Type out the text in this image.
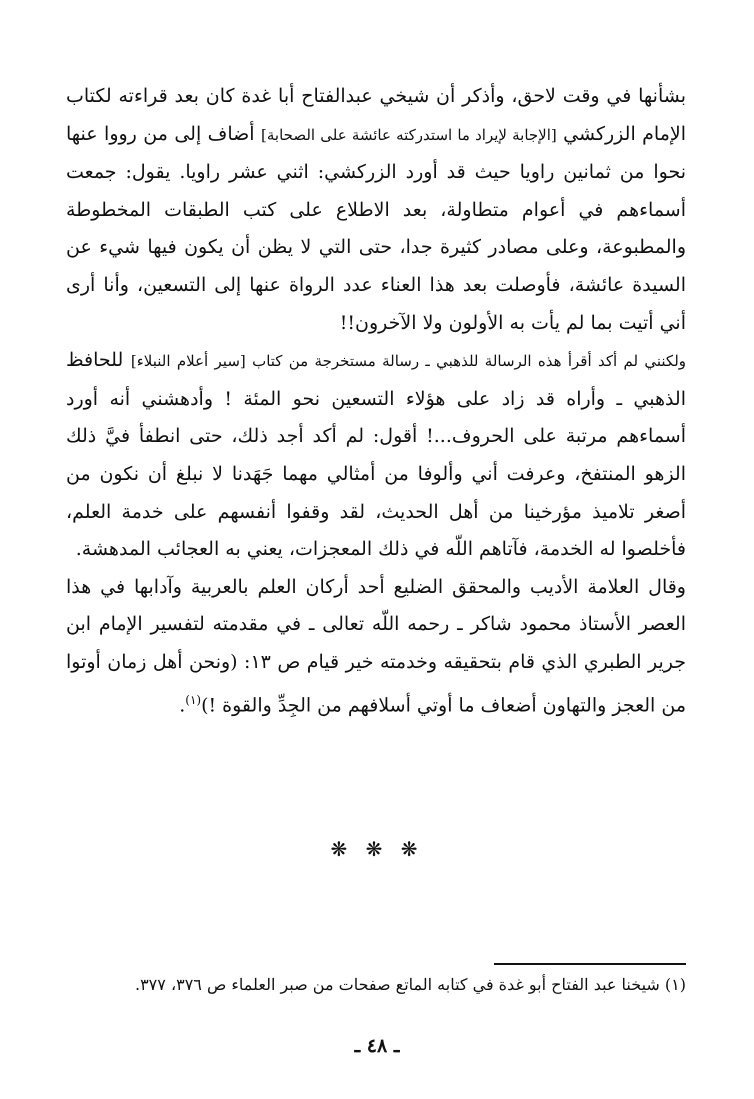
بشأنها في وقت لاحق، وأذكر أن شيخي عبدالفتاح أبا غدة كان بعد قراءته لكتاب الإمام الزركشي [الإجابة لإيراد ما استدركته عائشة على الصحابة] أضاف إلى من رووا عنها نحوا من ثمانين راويا حيث قد أورد الزركشي: اثني عشر راويا. يقول: جمعت أسماءهم في أعوام متطاولة، بعد الاطلاع على كتب الطبقات المخطوطة والمطبوعة، وعلى مصادر كثيرة جدا، حتى التي لا يظن أن يكون فيها شيء عن السيدة عائشة، فأوصلت بعد هذا العناء عدد الرواة عنها إلى التسعين، وأنا أرى أني أتيت بما لم يأت به الأولون ولا الآخرون!!

ولكنني لم أكد أقرأ هذه الرسالة للذهبي ـ رسالة مستخرجة من كتاب [سير أعلام النبلاء] للحافظ الذهبي ـ وأراه قد زاد على هؤلاء التسعين نحو المئة ! وأدهشني أنه أورد أسماءهم مرتبة على الحروف...! أقول: لم أكد أجد ذلك، حتى انطفأ فيَّ ذلك الزهو المنتفخ، وعرفت أني وألوفا من أمثالي مهما جَهَدنا لا نبلغ أن نكون من أصغر تلاميذ مؤرخينا من أهل الحديث، لقد وقفوا أنفسهم على خدمة العلم، فأخلصوا له الخدمة، فآتاهم اللّه في ذلك المعجزات، يعني به العجائب المدهشة.

وقال العلامة الأديب والمحقق الضليع أحد أركان العلم بالعربية وآدابها في هذا العصر الأستاذ محمود شاكر ـ رحمه اللّه تعالى ـ في مقدمته لتفسير الإمام ابن جرير الطبري الذي قام بتحقيقه وخدمته خير قيام ص ١٣: (ونحن أهل زمان أوتوا من العجز والتهاون أضعاف ما أوتي أسلافهم من الجِدِّ والقوة !)$^{(١)}$.

❋ ❋ ❋
(١) شيخنا عبد الفتاح أبو غدة في كتابه الماتع صفحات من صبر العلماء ص ٣٧٦، ٣٧٧.
ـ ٤٨ ـ
